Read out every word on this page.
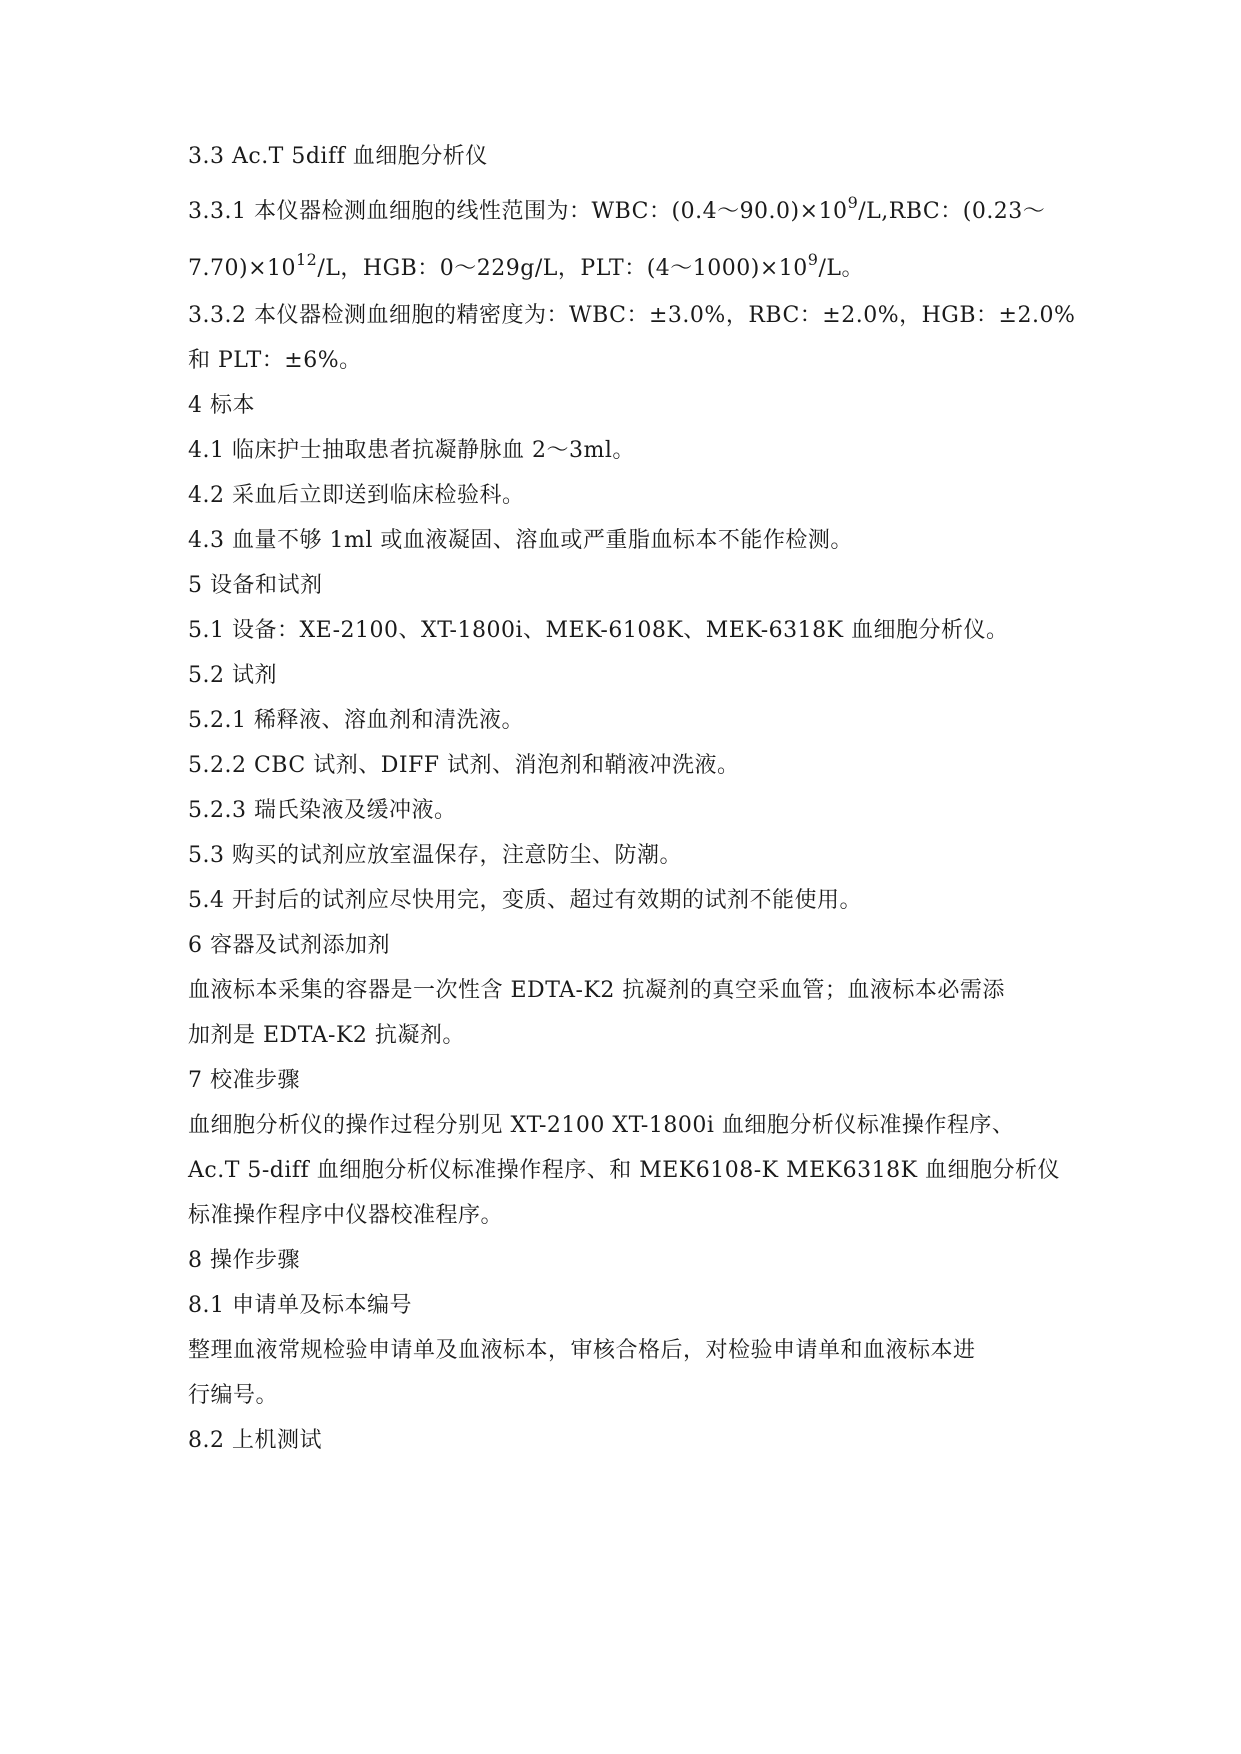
3.3 Ac.T 5diff 血细胞分析仪
3.3.1 本仪器检测血细胞的线性范围为：WBC：$(0.4\sim 90.0)\times 10^9/L,RBC$：(0.23～
$7.70)\times 10^{12}/L$，HGB：0～229g/L，PLT：$(4\sim 1000)\times 10^9/L$。
3.3.2 本仪器检测血细胞的精密度为：WBC：±3.0%，RBC：±2.0%，HGB：±2.0%
和 PLT：±6%。
4 标本
4.1 临床护士抽取患者抗凝静脉血 2～3ml。
4.2 采血后立即送到临床检验科。
4.3 血量不够 1ml 或血液凝固、溶血或严重脂血标本不能作检测。
5 设备和试剂
5.1 设备：XE-2100、XT-1800i、MEK-6108K、MEK-6318K 血细胞分析仪。
5.2 试剂
5.2.1 稀释液、溶血剂和清洗液。
5.2.2 CBC 试剂、DIFF 试剂、消泡剂和鞘液冲洗液。
5.2.3 瑞氏染液及缓冲液。
5.3 购买的试剂应放室温保存，注意防尘、防潮。
5.4 开封后的试剂应尽快用完，变质、超过有效期的试剂不能使用。
6 容器及试剂添加剂
血液标本采集的容器是一次性含 EDTA-K2 抗凝剂的真空采血管；血液标本必需添
加剂是 EDTA-K2 抗凝剂。
7 校准步骤
血细胞分析仪的操作过程分别见 XT-2100 XT-1800i 血细胞分析仪标准操作程序、
Ac.T 5-diff 血细胞分析仪标准操作程序、和 MEK6108-K MEK6318K 血细胞分析仪
标准操作程序中仪器校准程序。
8 操作步骤
8.1 申请单及标本编号
整理血液常规检验申请单及血液标本，审核合格后，对检验申请单和血液标本进
行编号。
8.2 上机测试
